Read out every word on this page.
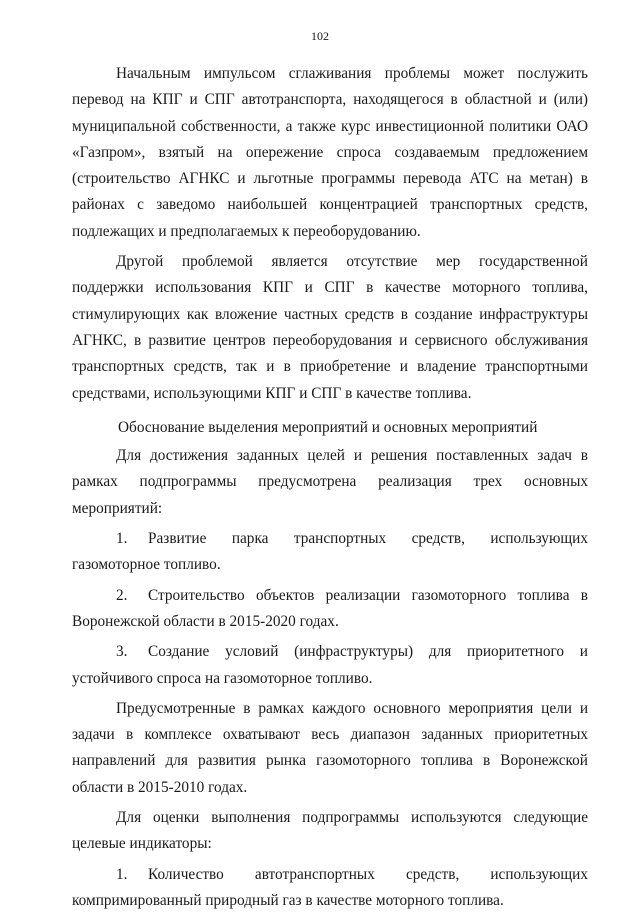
102

Начальным импульсом сглаживания проблемы может послужить перевод на КПГ и СПГ автотранспорта, находящегося в областной и (или) муниципальной собственности, а также курс инвестиционной политики ОАО «Газпром», взятый на опережение спроса создаваемым предложением (строительство АГНКС и льготные программы перевода АТС на метан) в районах с заведомо наибольшей концентрацией транспортных средств, подлежащих и предполагаемых к переоборудованию.

Другой проблемой является отсутствие мер государственной поддержки использования КПГ и СПГ в качестве моторного топлива, стимулирующих как вложение частных средств в создание инфраструктуры АГНКС, в развитие центров переоборудования и сервисного обслуживания транспортных средств, так и в приобретение и владение транспортными средствами, использующими КПГ и СПГ в качестве топлива.

Обоснование выделения мероприятий и основных мероприятий

Для достижения заданных целей и решения поставленных задач в рамках подпрограммы предусмотрена реализация трех основных мероприятий:

1. Развитие парка транспортных средств, использующих газомоторное топливо.

2. Строительство объектов реализации газомоторного топлива в Воронежской области в 2015-2020 годах.

3. Создание условий (инфраструктуры) для приоритетного и устойчивого спроса на газомоторное топливо.

Предусмотренные в рамках каждого основного мероприятия цели и задачи в комплексе охватывают весь диапазон заданных приоритетных направлений для развития рынка газомоторного топлива в Воронежской области в 2015-2010 годах.

Для оценки выполнения подпрограммы используются следующие целевые индикаторы:

1. Количество автотранспортных средств, использующих компримированный природный газ в качестве моторного топлива.
